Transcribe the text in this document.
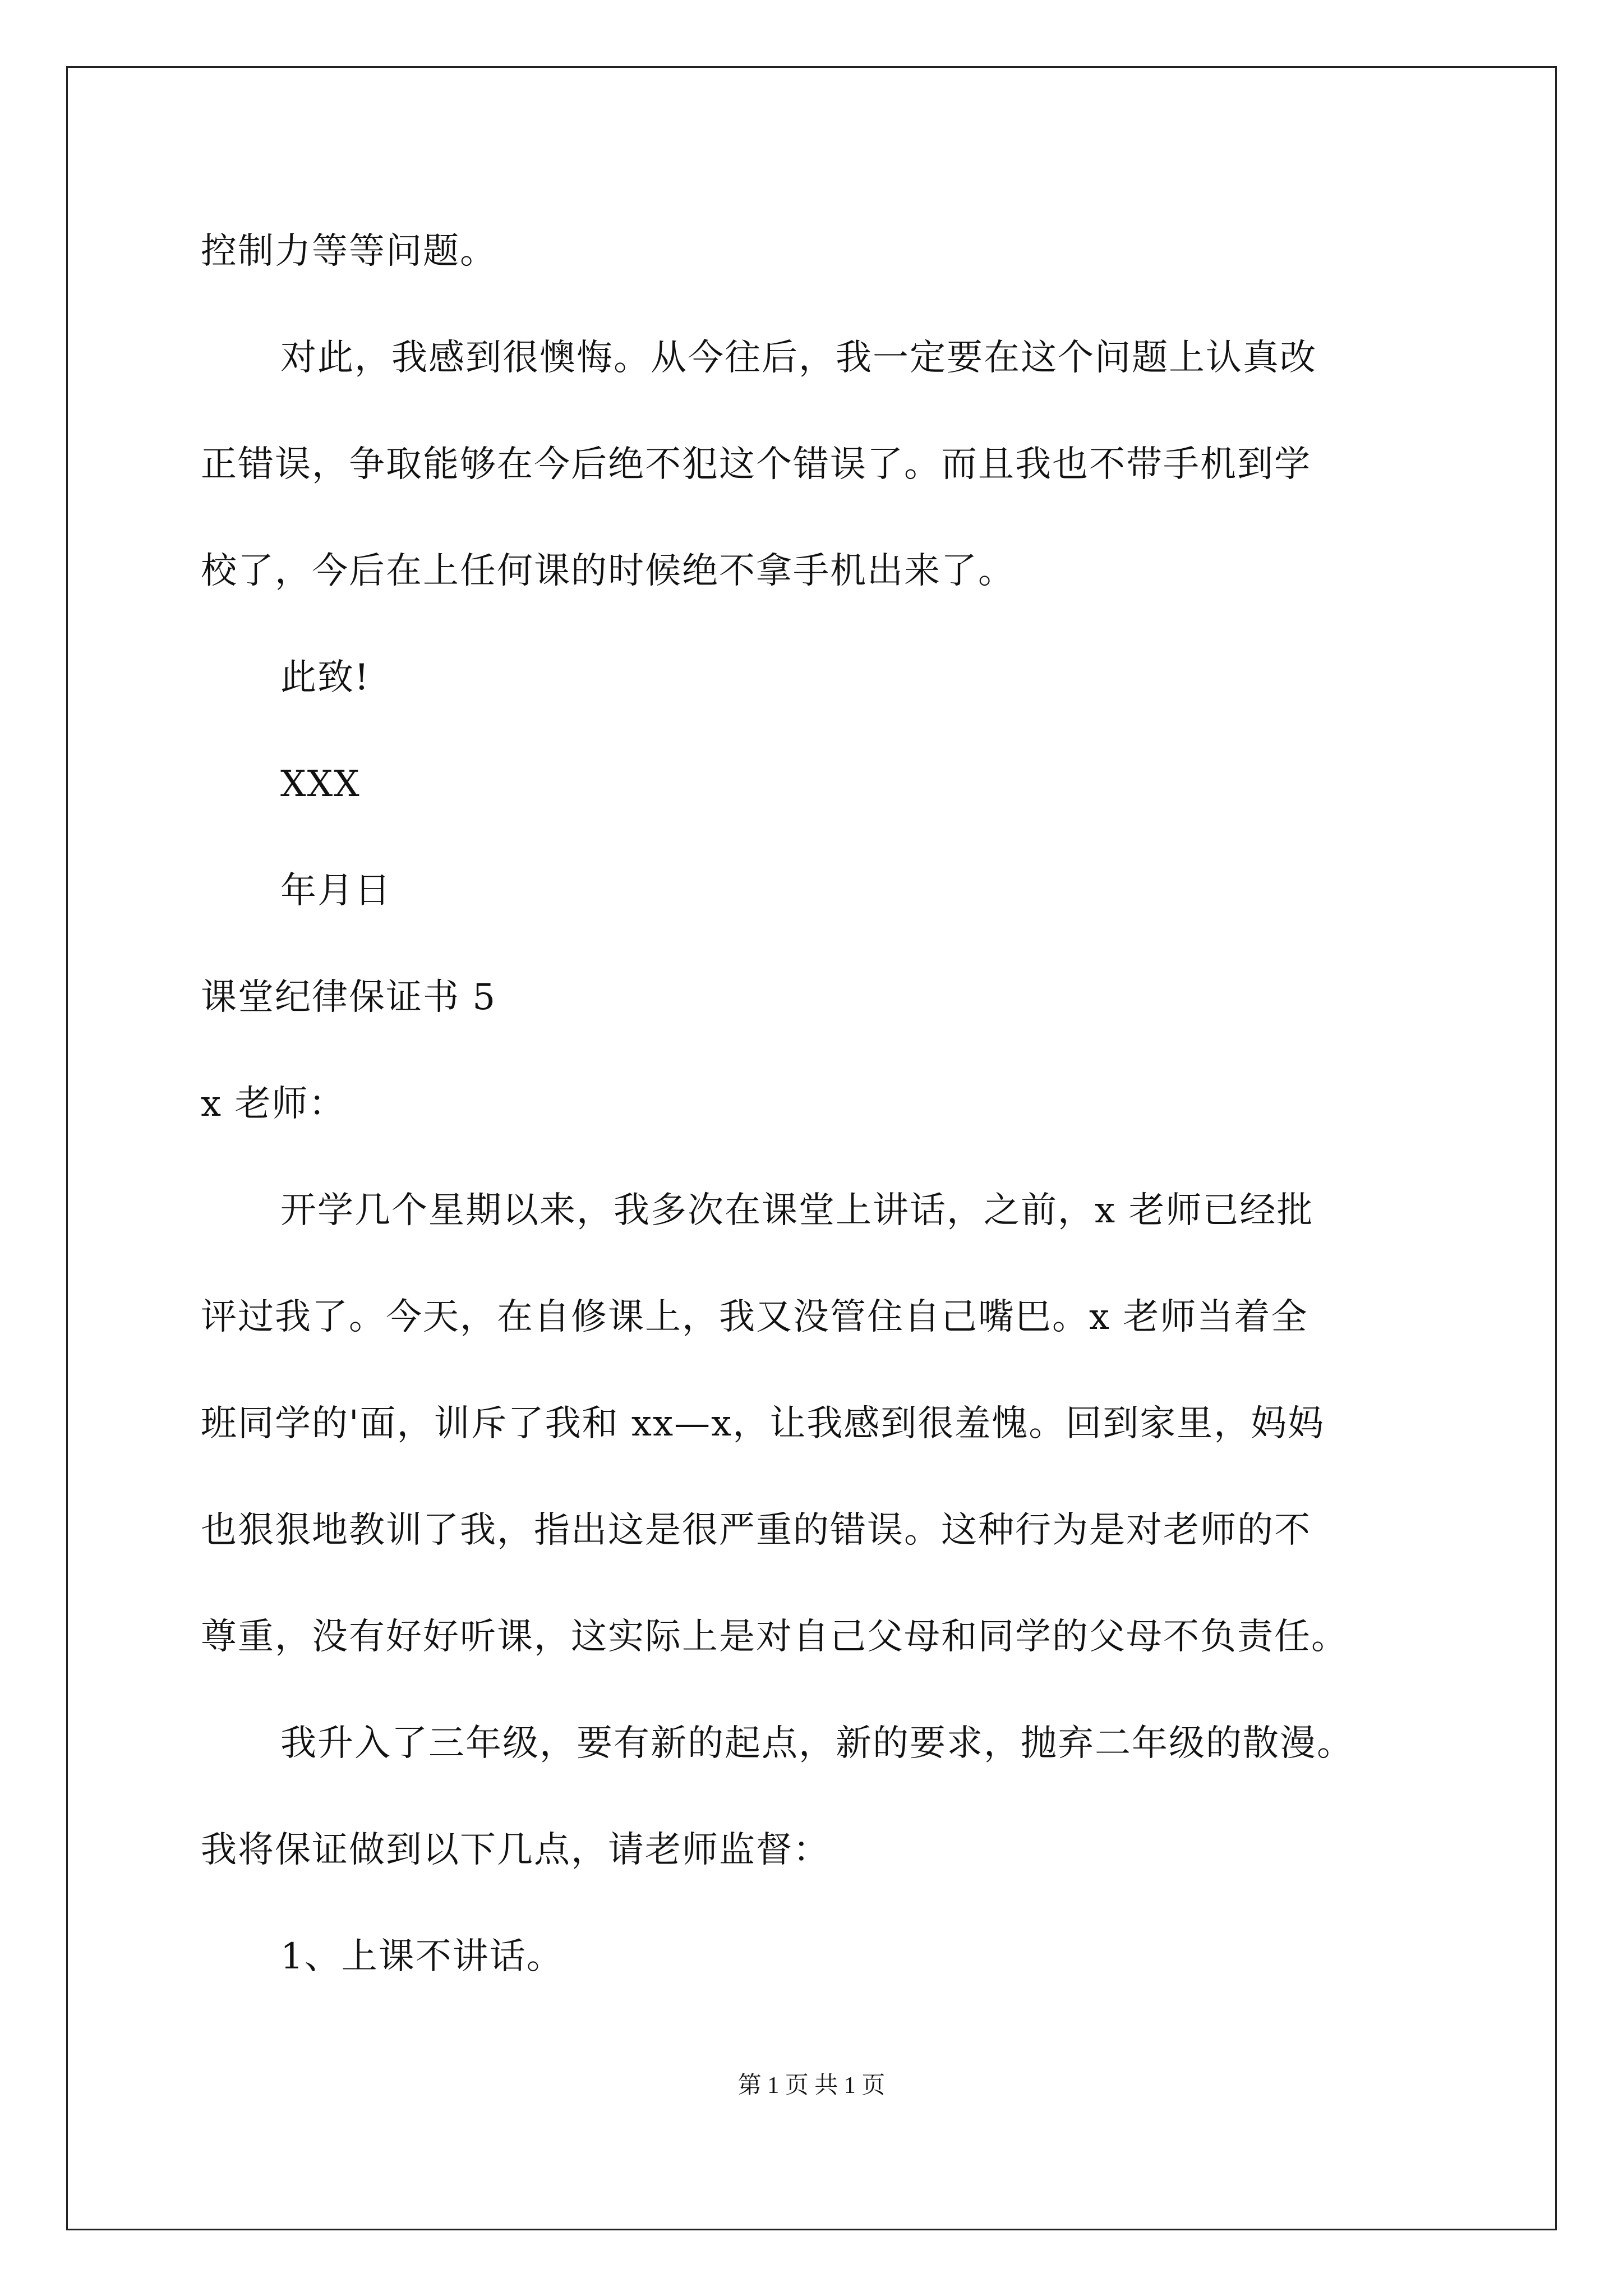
控制力等等问题。
对此，我感到很懊悔。从今往后，我一定要在这个问题上认真改
正错误，争取能够在今后绝不犯这个错误了。而且我也不带手机到学
校了，今后在上任何课的时候绝不拿手机出来了。
此致!
XXX
年月日
课堂纪律保证书 5
x 老师：
开学几个星期以来，我多次在课堂上讲话，之前，x 老师已经批
评过我了。今天，在自修课上，我又没管住自己嘴巴。x 老师当着全
班同学的'面，训斥了我和 xx—x，让我感到很羞愧。回到家里，妈妈
也狠狠地教训了我，指出这是很严重的错误。这种行为是对老师的不
尊重，没有好好听课，这实际上是对自己父母和同学的父母不负责任。
我升入了三年级，要有新的起点，新的要求，抛弃二年级的散漫。
我将保证做到以下几点，请老师监督：
1、上课不讲话。
第 1 页 共 1 页
